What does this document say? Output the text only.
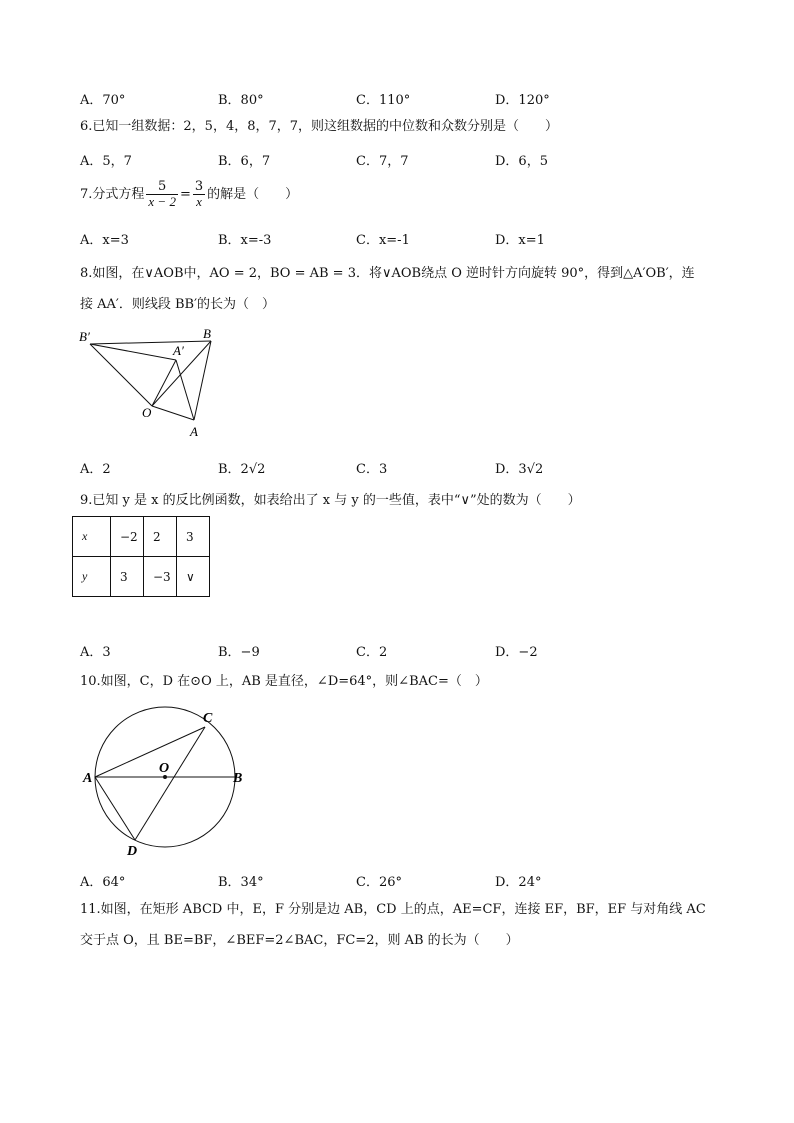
A．70°	B．80°	C．110°	D．120°
6.已知一组数据：2，5，4，8，7，7，则这组数据的中位数和众数分别是（　　）
A．5，7	B．6，7	C．7，7	D．6，5
7.分式方程 $\frac{5}{x - 2} = \frac{3}{x}$ 的解是（　　）
A．x=3	B．x=-3	C．x=-1	D．x=1
8.如图，在∨AOB中，AO = 2，BO = AB = 3．将∨AOB绕点 O 逆时针方向旋转 90°，得到△A′OB′，连
接 AA′．则线段 BB′的长为（　）
B′	B
A′
O
A
A．2	B．2√2	C．3	D．3√2
9.已知 y 是 x 的反比例函数，如表给出了 x 与 y 的一些值，表中“∨”处的数为（　　）
x	−2	2	3
y	3	−3	∨
A．3	B．−9	C．2	D．−2
10.如图，C，D 在⊙O 上，AB 是直径，∠D=64°，则∠BAC=（　）
C
A
O
B
D
A．64°	B．34°	C．26°	D．24°
11.如图，在矩形 ABCD 中，E，F 分别是边 AB，CD 上的点，AE=CF，连接 EF，BF，EF 与对角线 AC
交于点 O，且 BE=BF，∠BEF=2∠BAC，FC=2，则 AB 的长为（　　）
